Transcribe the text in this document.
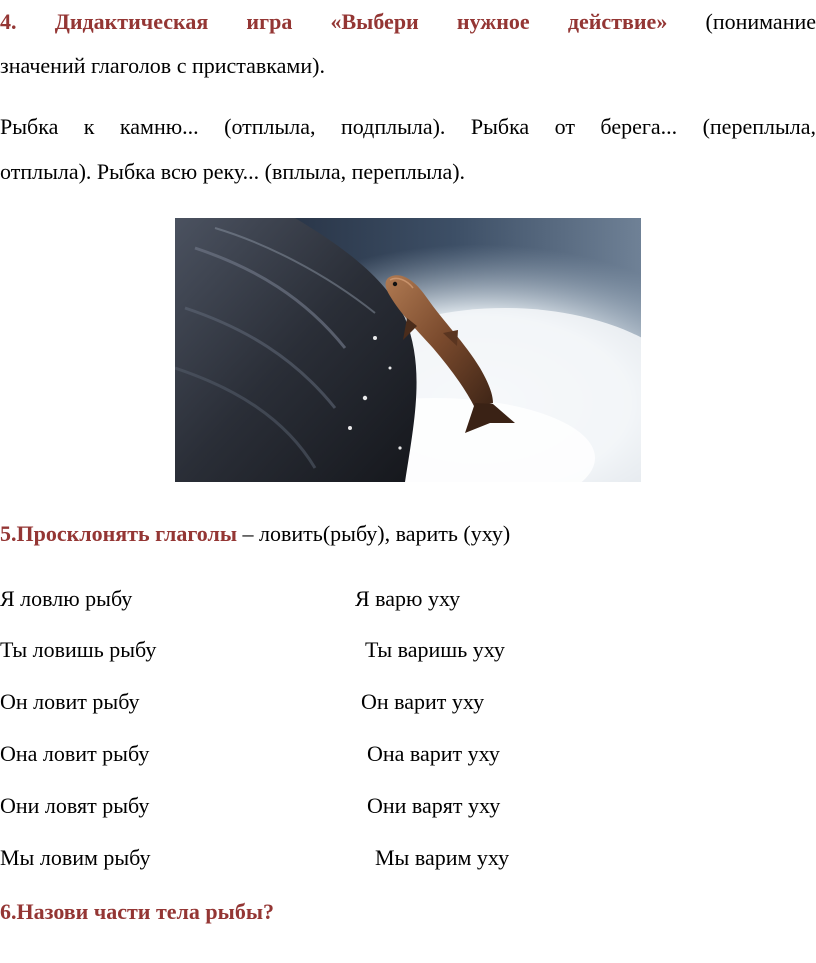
4. Дидактическая игра «Выбери нужное действие» (понимание
значений глаголов с приставками).
Рыбка к камню... (отплыла, подплыла). Рыбка от берега... (переплыла,
отплыла). Рыбка всю реку... (вплыла, переплыла).
5.Просклонять глаголы – ловить(рыбу), варить (уху)
Я ловлю рыбу	Я варю уху
Ты ловишь рыбу	Ты варишь уху
Он ловит рыбу	Он варит уху
Она ловит рыбу	Она варит уху
Они ловят рыбу	Они варят уху
Мы ловим рыбу	Мы варим уху
6.Назови части тела рыбы?
